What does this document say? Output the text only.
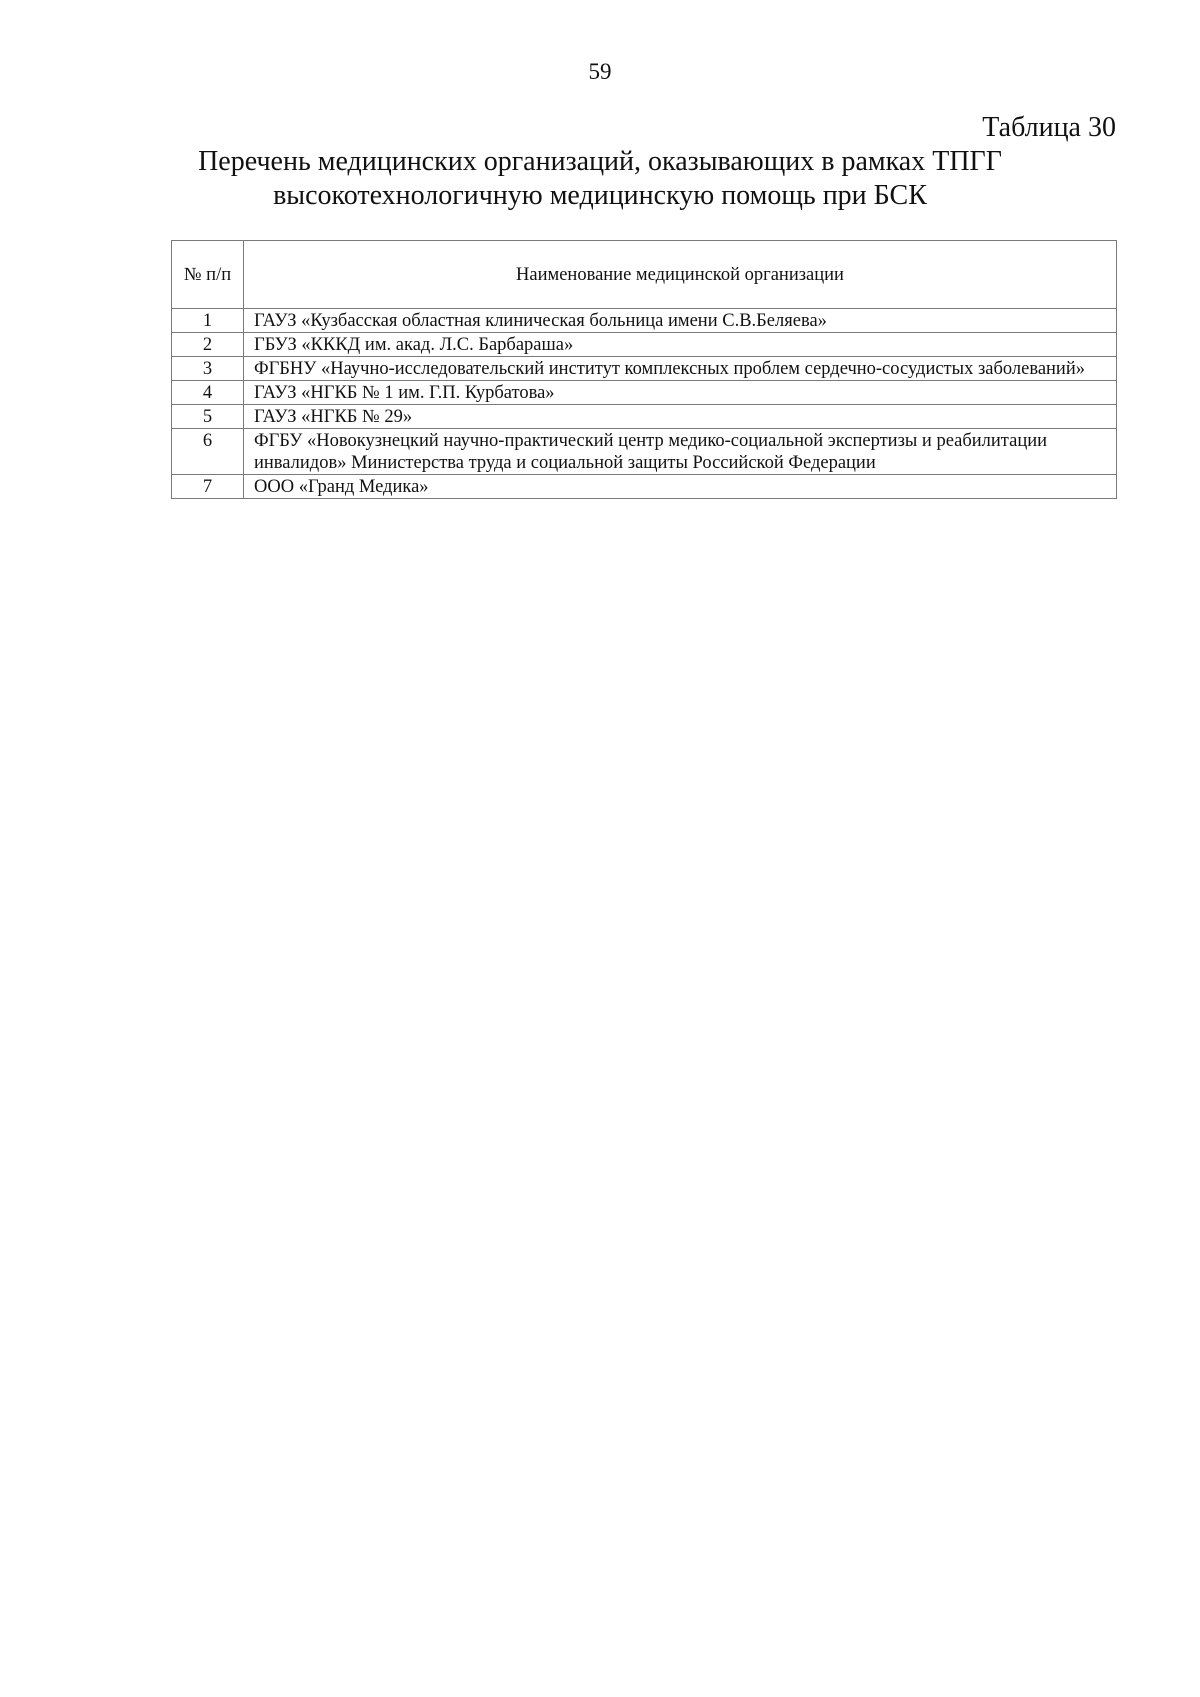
59
Таблица 30
Перечень медицинских организаций, оказывающих в рамках ТПГГ
высокотехнологичную медицинскую помощь при БСК
№ п/п	Наименование медицинской организации
1	ГАУЗ «Кузбасская областная клиническая больница имени С.В.Беляева»
2	ГБУЗ «КККД им. акад. Л.С. Барбараша»
3	ФГБНУ «Научно-исследовательский институт комплексных проблем сердечно-сосудистых заболеваний»
4	ГАУЗ «НГКБ № 1 им. Г.П. Курбатова»
5	ГАУЗ «НГКБ № 29»
6	ФГБУ «Новокузнецкий научно-практический центр медико-социальной экспертизы и реабилитации инвалидов» Министерства труда и социальной защиты Российской Федерации
7	ООО «Гранд Медика»
